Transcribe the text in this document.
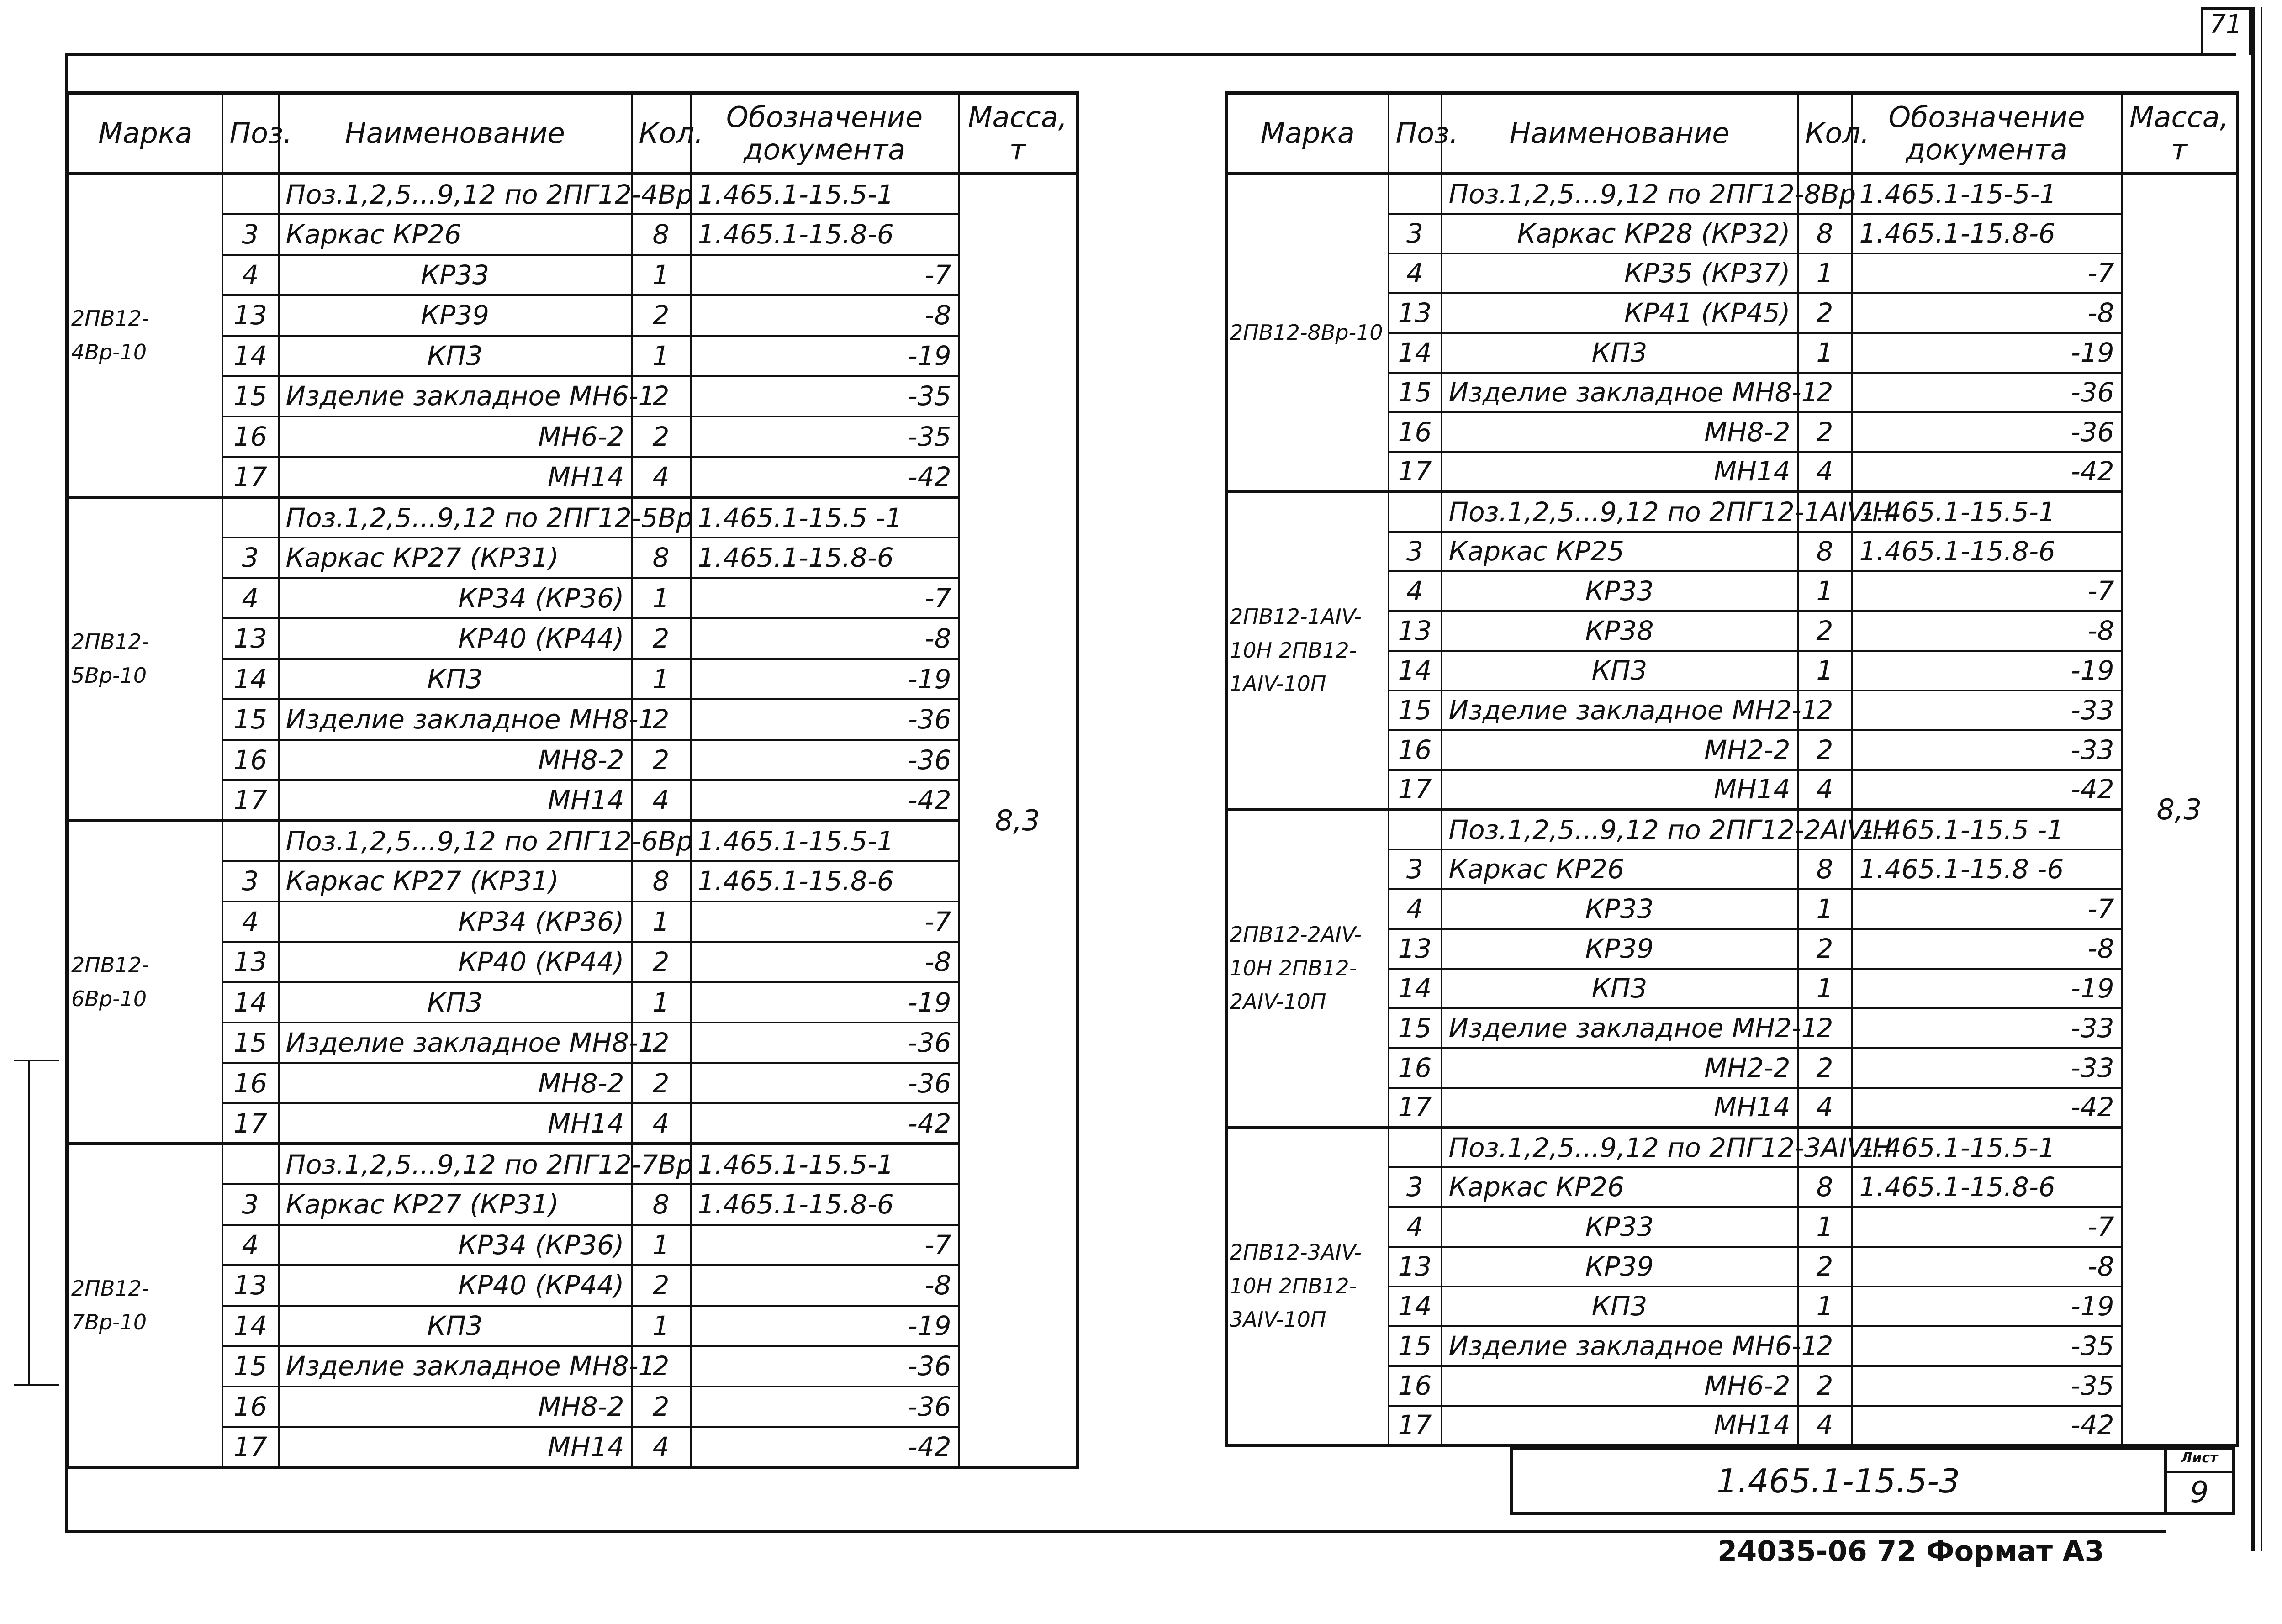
71
Марка	Поз.	Наименование	Кол.	Обозначение документа	Масса, т
2ПВ12-4Вр-10		Поз.1,2,5...9,12 по 2ПГ12-4Вр		1.465.1-15.5-1	8,3
	3	Каркас КР26	8	1.465.1-15.8-6	
	4	КР33	1	-7	
	13	КР39	2	-8	
	14	КП3	1	-19	
	15	Изделие закладное МН6-1	2	-35	
	16	МН6-2	2	-35	
	17	МН14	4	-42	
2ПВ12-5Вр-10		Поз.1,2,5...9,12 по 2ПГ12-5Вр		1.465.1-15.5 -1	
	3	Каркас КР27 (КР31)	8	1.465.1-15.8-6	
	4	КР34 (КР36)	1	-7	
	13	КР40 (КР44)	2	-8	
	14	КП3	1	-19	
	15	Изделие закладное МН8-1	2	-36	
	16	МН8-2	2	-36	
	17	МН14	4	-42	
2ПВ12-6Вр-10		Поз.1,2,5...9,12 по 2ПГ12-6Вр		1.465.1-15.5-1	
	3	Каркас КР27 (КР31)	8	1.465.1-15.8-6	
	4	КР34 (КР36)	1	-7	
	13	КР40 (КР44)	2	-8	
	14	КП3	1	-19	
	15	Изделие закладное МН8-1	2	-36	
	16	МН8-2	2	-36	
	17	МН14	4	-42	
2ПВ12-7Вр-10		Поз.1,2,5...9,12 по 2ПГ12-7Вр		1.465.1-15.5-1	
	3	Каркас КР27 (КР31)	8	1.465.1-15.8-6	
	4	КР34 (КР36)	1	-7	
	13	КР40 (КР44)	2	-8	
	14	КП3	1	-19	
	15	Изделие закладное МН8-1	2	-36	
	16	МН8-2	2	-36	
	17	МН14	4	-42	
Марка	Поз.	Наименование	Кол.	Обозначение документа	Масса, т
2ПВ12-8Вр-10		Поз.1,2,5...9,12 по 2ПГ12-8Вр		1.465.1-15-5-1	8,3
	3	Каркас КР28 (КР32)	8	1.465.1-15.8-6	
	4	КР35 (КР37)	1	-7	
	13	КР41 (КР45)	2	-8	
	14	КП3	1	-19	
	15	Изделие закладное МН8-1	2	-36	
	16	МН8-2	2	-36	
	17	МН14	4	-42	
2ПВ12-1АIV-10Н 2ПВ12-1АIV-10П		Поз.1,2,5...9,12 по 2ПГ12-1АIV-Н		1.465.1-15.5-1	
	3	Каркас КР25	8	1.465.1-15.8-6	
	4	КР33	1	-7	
	13	КР38	2	-8	
	14	КП3	1	-19	
	15	Изделие закладное МН2-1	2	-33	
	16	МН2-2	2	-33	
	17	МН14	4	-42	
2ПВ12-2АIV-10Н 2ПВ12-2АIV-10П		Поз.1,2,5...9,12 по 2ПГ12-2АIV-Н		1.465.1-15.5 -1	
	3	Каркас КР26	8	1.465.1-15.8 -6	
	4	КР33	1	-7	
	13	КР39	2	-8	
	14	КП3	1	-19	
	15	Изделие закладное МН2-1	2	-33	
	16	МН2-2	2	-33	
	17	МН14	4	-42	
2ПВ12-3АIV-10Н 2ПВ12-3АIV-10П		Поз.1,2,5...9,12 по 2ПГ12-3АIV-Н		1.465.1-15.5-1	
	3	Каркас КР26	8	1.465.1-15.8-6	
	4	КР33	1	-7	
	13	КР39	2	-8	
	14	КП3	1	-19	
	15	Изделие закладное МН6-1	2	-35	
	16	МН6-2	2	-35	
	17	МН14	4	-42	
1.465.1-15.5-3
Лист
9
24035-06 72 Формат А3
